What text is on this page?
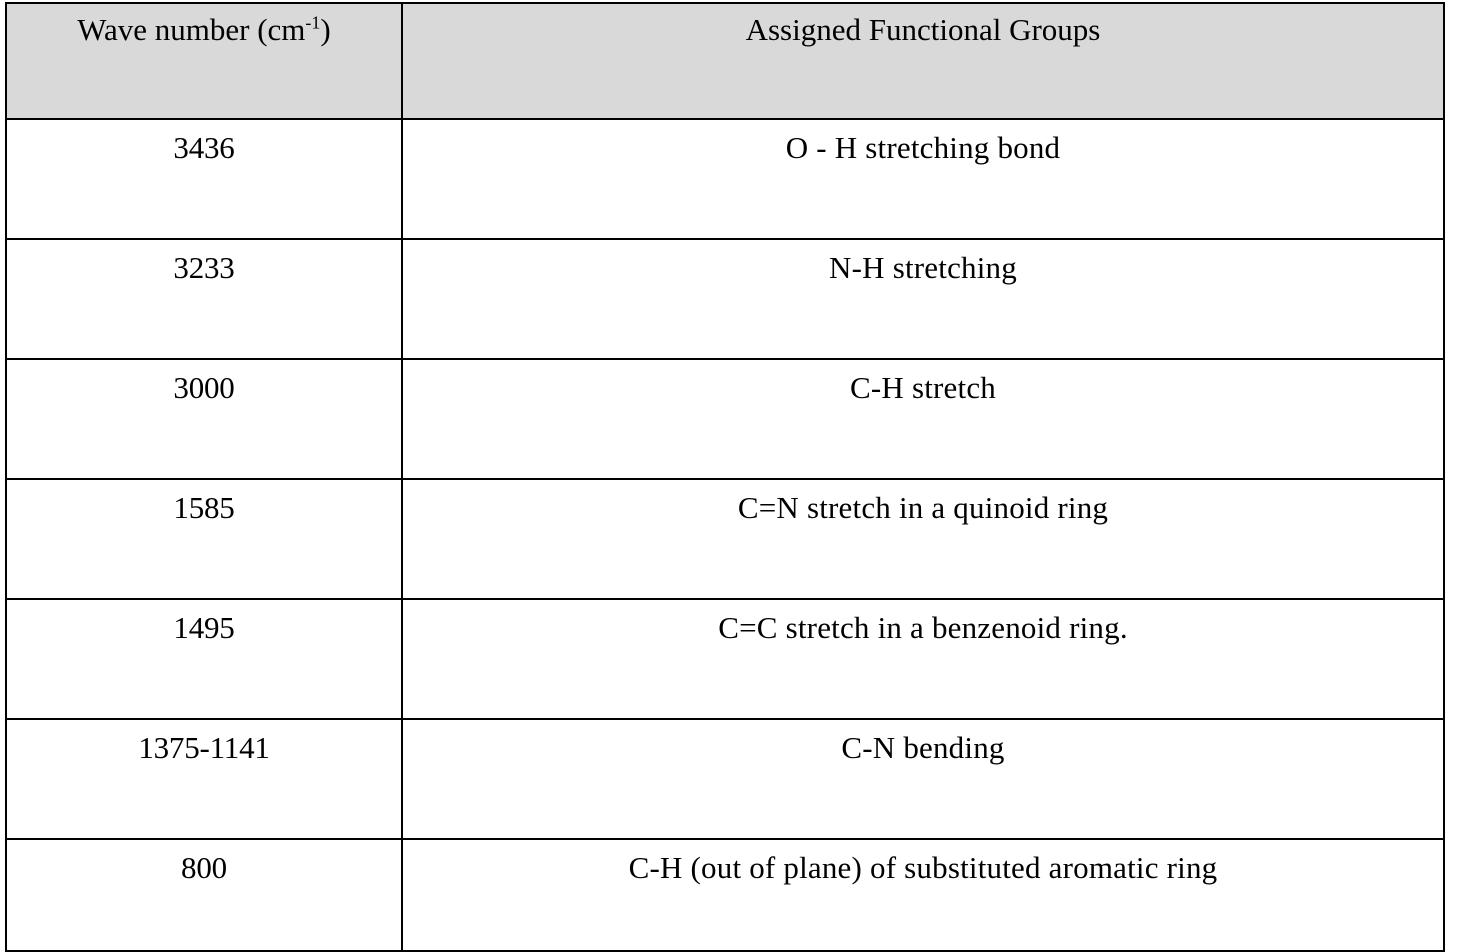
Wave number $(cm^{-1})$	Assigned Functional Groups

3436	O - H stretching bond

3233	N-H stretching

3000	C-H stretch

1585	C=N stretch in a quinoid ring

1495	C=C stretch in a benzenoid ring.

1375-1141	C-N bending

800	C-H (out of plane) of substituted aromatic ring
